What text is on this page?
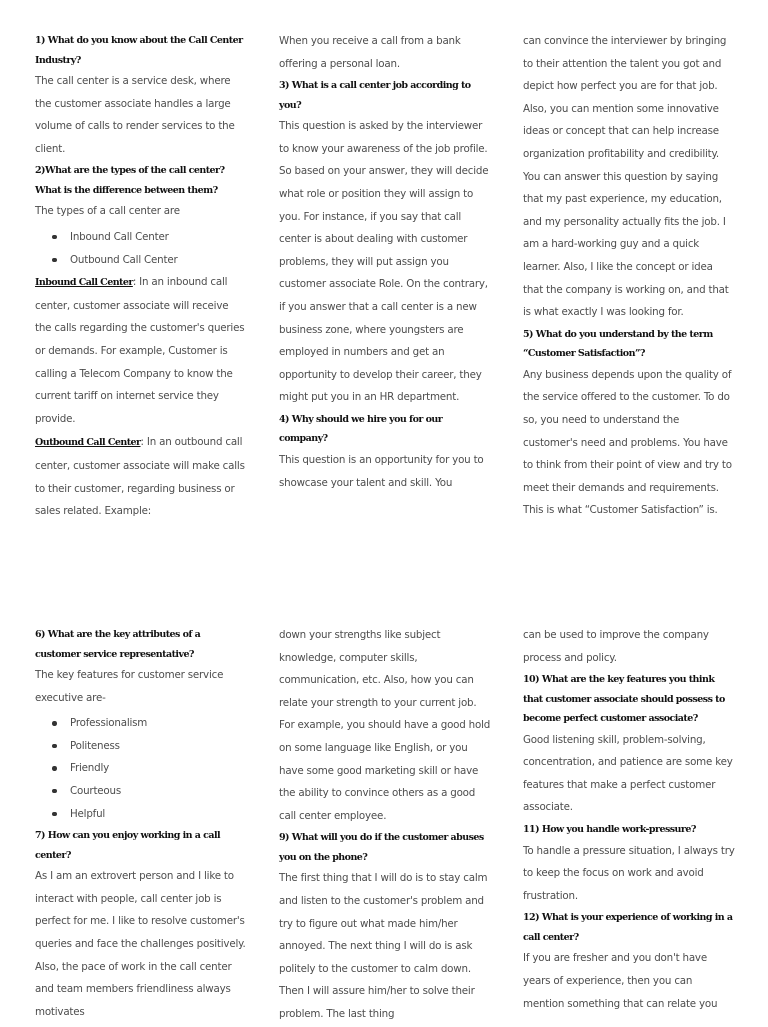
1) What do you know about the Call Center Industry?
The call center is a service desk, where the customer associate handles a large volume of calls to render services to the client.
2)What are the types of the call center? What is the difference between them?
The types of a call center are
Inbound Call Center
Outbound Call Center
Inbound Call Center: In an inbound call center, customer associate will receive the calls regarding the customer's queries or demands. For example, Customer is calling a Telecom Company to know the current tariff on internet service they provide.
Outbound Call Center: In an outbound call center, customer associate will make calls to their customer, regarding business or sales related. Example:
When you receive a call from a bank offering a personal loan.
3) What is a call center job according to you?
This question is asked by the interviewer to know your awareness of the job profile. So based on your answer, they will decide what role or position they will assign to you. For instance, if you say that call center is about dealing with customer problems, they will put assign you customer associate Role. On the contrary, if you answer that a call center is a new business zone, where youngsters are employed in numbers and get an opportunity to develop their career, they might put you in an HR department.
4) Why should we hire you for our company?
This question is an opportunity for you to showcase your talent and skill. You
can convince the interviewer by bringing to their attention the talent you got and depict how perfect you are for that job. Also, you can mention some innovative ideas or concept that can help increase organization profitability and credibility. You can answer this question by saying that my past experience, my education, and my personality actually fits the job. I am a hard-working guy and a quick learner. Also, I like the concept or idea that the company is working on, and that is what exactly I was looking for.
5) What do you understand by the term “Customer Satisfaction”?
Any business depends upon the quality of the service offered to the customer. To do so, you need to understand the customer's need and problems. You have to think from their point of view and try to meet their demands and requirements. This is what “Customer Satisfaction” is.
6) What are the key attributes of a customer service representative?
The key features for customer service executive are-
Professionalism
Politeness
Friendly
Courteous
Helpful
7) How can you enjoy working in a call center?
As I am an extrovert person and I like to interact with people, call center job is perfect for me. I like to resolve customer's queries and face the challenges positively. Also, the pace of work in the call center and team members friendliness always motivates
down your strengths like subject knowledge, computer skills, communication, etc. Also, how you can relate your strength to your current job. For example, you should have a good hold on some language like English, or you have some good marketing skill or have the ability to convince others as a good call center employee.
9) What will you do if the customer abuses you on the phone?
The first thing that I will do is to stay calm and listen to the customer's problem and try to figure out what made him/her annoyed. The next thing I will do is ask politely to the customer to calm down. Then I will assure him/her to solve their problem. The last thing
can be used to improve the company process and policy.
10) What are the key features you think that customer associate should possess to become perfect customer associate?
Good listening skill, problem-solving, concentration, and patience are some key features that make a perfect customer associate.
11) How you handle work-pressure?
To handle a pressure situation, I always try to keep the focus on work and avoid frustration.
12) What is your experience of working in a call center?
If you are fresher and you don't have years of experience, then you can mention something that can relate you
